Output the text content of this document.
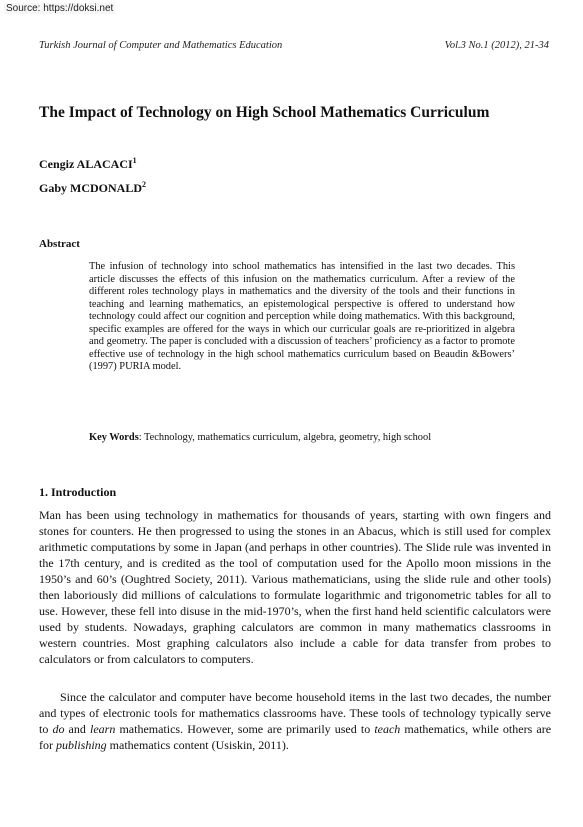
Source: https://doksi.net
Turkish Journal of Computer and Mathematics Education	Vol.3 No.1 (2012), 21-34
The Impact of Technology on High School Mathematics Curriculum

Cengiz ALACACI$^1$

Gaby MCDONALD$^2$

Abstract

The infusion of technology into school mathematics has intensified in the last two decades. This article discusses the effects of this infusion on the mathematics curriculum. After a review of the different roles technology plays in mathematics and the diversity of the tools and their functions in teaching and learning mathematics, an epistemological perspective is offered to understand how technology could affect our cognition and perception while doing mathematics. With this background, specific examples are offered for the ways in which our curricular goals are re-prioritized in algebra and geometry. The paper is concluded with a discussion of teachers’ proficiency as a factor to promote effective use of technology in the high school mathematics curriculum based on Beaudin &Bowers’ (1997) PURIA model.

Key Words: Technology, mathematics curriculum, algebra, geometry, high school

1. Introduction

Man has been using technology in mathematics for thousands of years, starting with own fingers and stones for counters. He then progressed to using the stones in an Abacus, which is still used for complex arithmetic computations by some in Japan (and perhaps in other countries). The Slide rule was invented in the 17th century, and is credited as the tool of computation used for the Apollo moon missions in the 1950’s and 60’s (Oughtred Society, 2011). Various mathematicians, using the slide rule and other tools) then laboriously did millions of calculations to formulate logarithmic and trigonometric tables for all to use. However, these fell into disuse in the mid-1970’s, when the first hand held scientific calculators were used by students. Nowadays, graphing calculators are common in many mathematics classrooms in western countries. Most graphing calculators also include a cable for data transfer from probes to calculators or from calculators to computers.

Since the calculator and computer have become household items in the last two decades, the number and types of electronic tools for mathematics classrooms have. These tools of technology typically serve to do and learn mathematics. However, some are primarily used to teach mathematics, while others are for publishing mathematics content (Usiskin, 2011).
